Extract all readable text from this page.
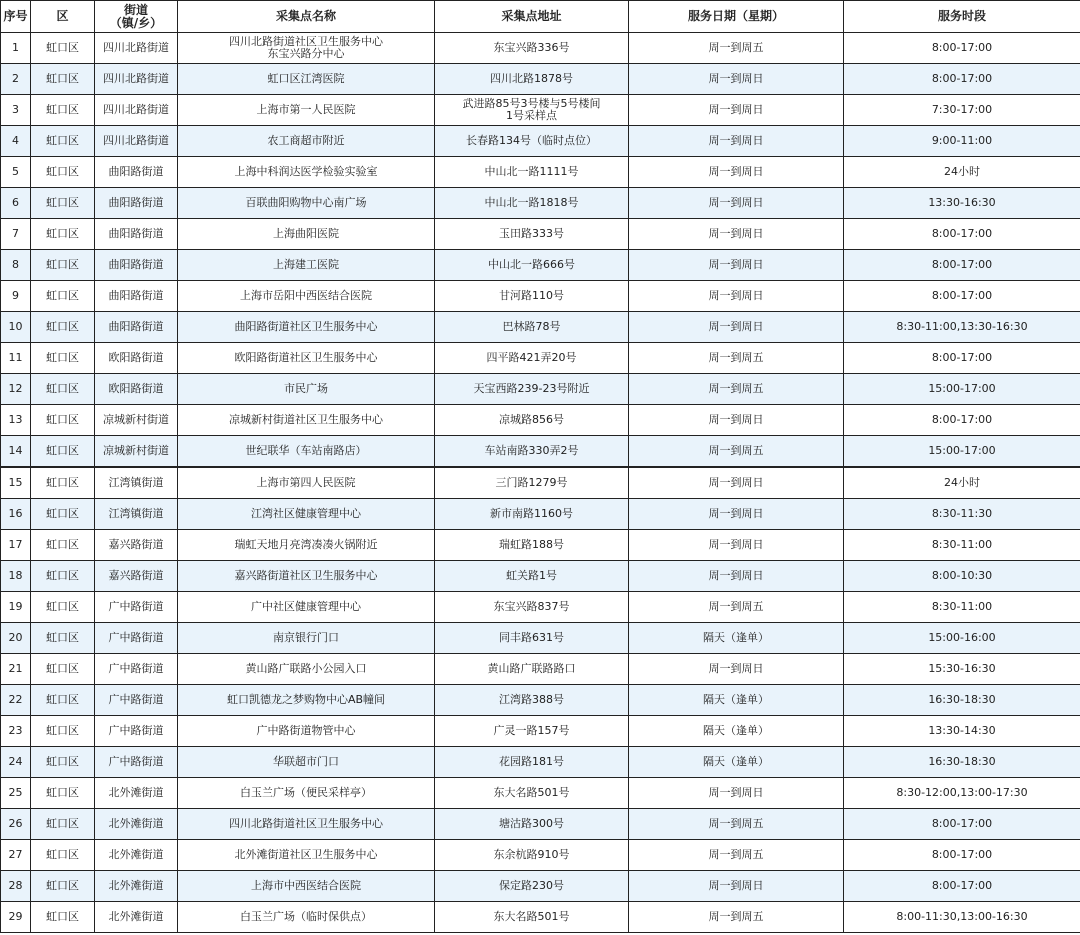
序号	区	街道
（镇/乡）	采集点名称	采集点地址	服务日期（星期）	服务时段
1	虹口区	四川北路街道	四川北路街道社区卫生服务中心
东宝兴路分中心	东宝兴路336号	周一到周五	8:00-17:00
2	虹口区	四川北路街道	虹口区江湾医院	四川北路1878号	周一到周日	8:00-17:00
3	虹口区	四川北路街道	上海市第一人民医院	武进路85号3号楼与5号楼间
1号采样点	周一到周日	7:30-17:00
4	虹口区	四川北路街道	农工商超市附近	长春路134号（临时点位）	周一到周日	9:00-11:00
5	虹口区	曲阳路街道	上海中科润达医学检验实验室	中山北一路1111号	周一到周日	24小时
6	虹口区	曲阳路街道	百联曲阳购物中心南广场	中山北一路1818号	周一到周日	13:30-16:30
7	虹口区	曲阳路街道	上海曲阳医院	玉田路333号	周一到周日	8:00-17:00
8	虹口区	曲阳路街道	上海建工医院	中山北一路666号	周一到周日	8:00-17:00
9	虹口区	曲阳路街道	上海市岳阳中西医结合医院	甘河路110号	周一到周日	8:00-17:00
10	虹口区	曲阳路街道	曲阳路街道社区卫生服务中心	巴林路78号	周一到周日	8:30-11:00,13:30-16:30
11	虹口区	欧阳路街道	欧阳路街道社区卫生服务中心	四平路421弄20号	周一到周五	8:00-17:00
12	虹口区	欧阳路街道	市民广场	天宝西路239-23号附近	周一到周五	15:00-17:00
13	虹口区	凉城新村街道	凉城新村街道社区卫生服务中心	凉城路856号	周一到周日	8:00-17:00
14	虹口区	凉城新村街道	世纪联华（车站南路店）	车站南路330弄2号	周一到周五	15:00-17:00
15	虹口区	江湾镇街道	上海市第四人民医院	三门路1279号	周一到周日	24小时
16	虹口区	江湾镇街道	江湾社区健康管理中心	新市南路1160号	周一到周日	8:30-11:30
17	虹口区	嘉兴路街道	瑞虹天地月亮湾凑凑火锅附近	瑞虹路188号	周一到周日	8:30-11:00
18	虹口区	嘉兴路街道	嘉兴路街道社区卫生服务中心	虹关路1号	周一到周日	8:00-10:30
19	虹口区	广中路街道	广中社区健康管理中心	东宝兴路837号	周一到周五	8:30-11:00
20	虹口区	广中路街道	南京银行门口	同丰路631号	隔天（逢单）	15:00-16:00
21	虹口区	广中路街道	黄山路广联路小公园入口	黄山路广联路路口	周一到周日	15:30-16:30
22	虹口区	广中路街道	虹口凯德龙之梦购物中心AB幢间	江湾路388号	隔天（逢单）	16:30-18:30
23	虹口区	广中路街道	广中路街道物管中心	广灵一路157号	隔天（逢单）	13:30-14:30
24	虹口区	广中路街道	华联超市门口	花园路181号	隔天（逢单）	16:30-18:30
25	虹口区	北外滩街道	白玉兰广场（便民采样亭）	东大名路501号	周一到周日	8:30-12:00,13:00-17:30
26	虹口区	北外滩街道	四川北路街道社区卫生服务中心	塘沽路300号	周一到周五	8:00-17:00
27	虹口区	北外滩街道	北外滩街道社区卫生服务中心	东余杭路910号	周一到周五	8:00-17:00
28	虹口区	北外滩街道	上海市中西医结合医院	保定路230号	周一到周日	8:00-17:00
29	虹口区	北外滩街道	白玉兰广场（临时保供点）	东大名路501号	周一到周五	8:00-11:30,13:00-16:30
